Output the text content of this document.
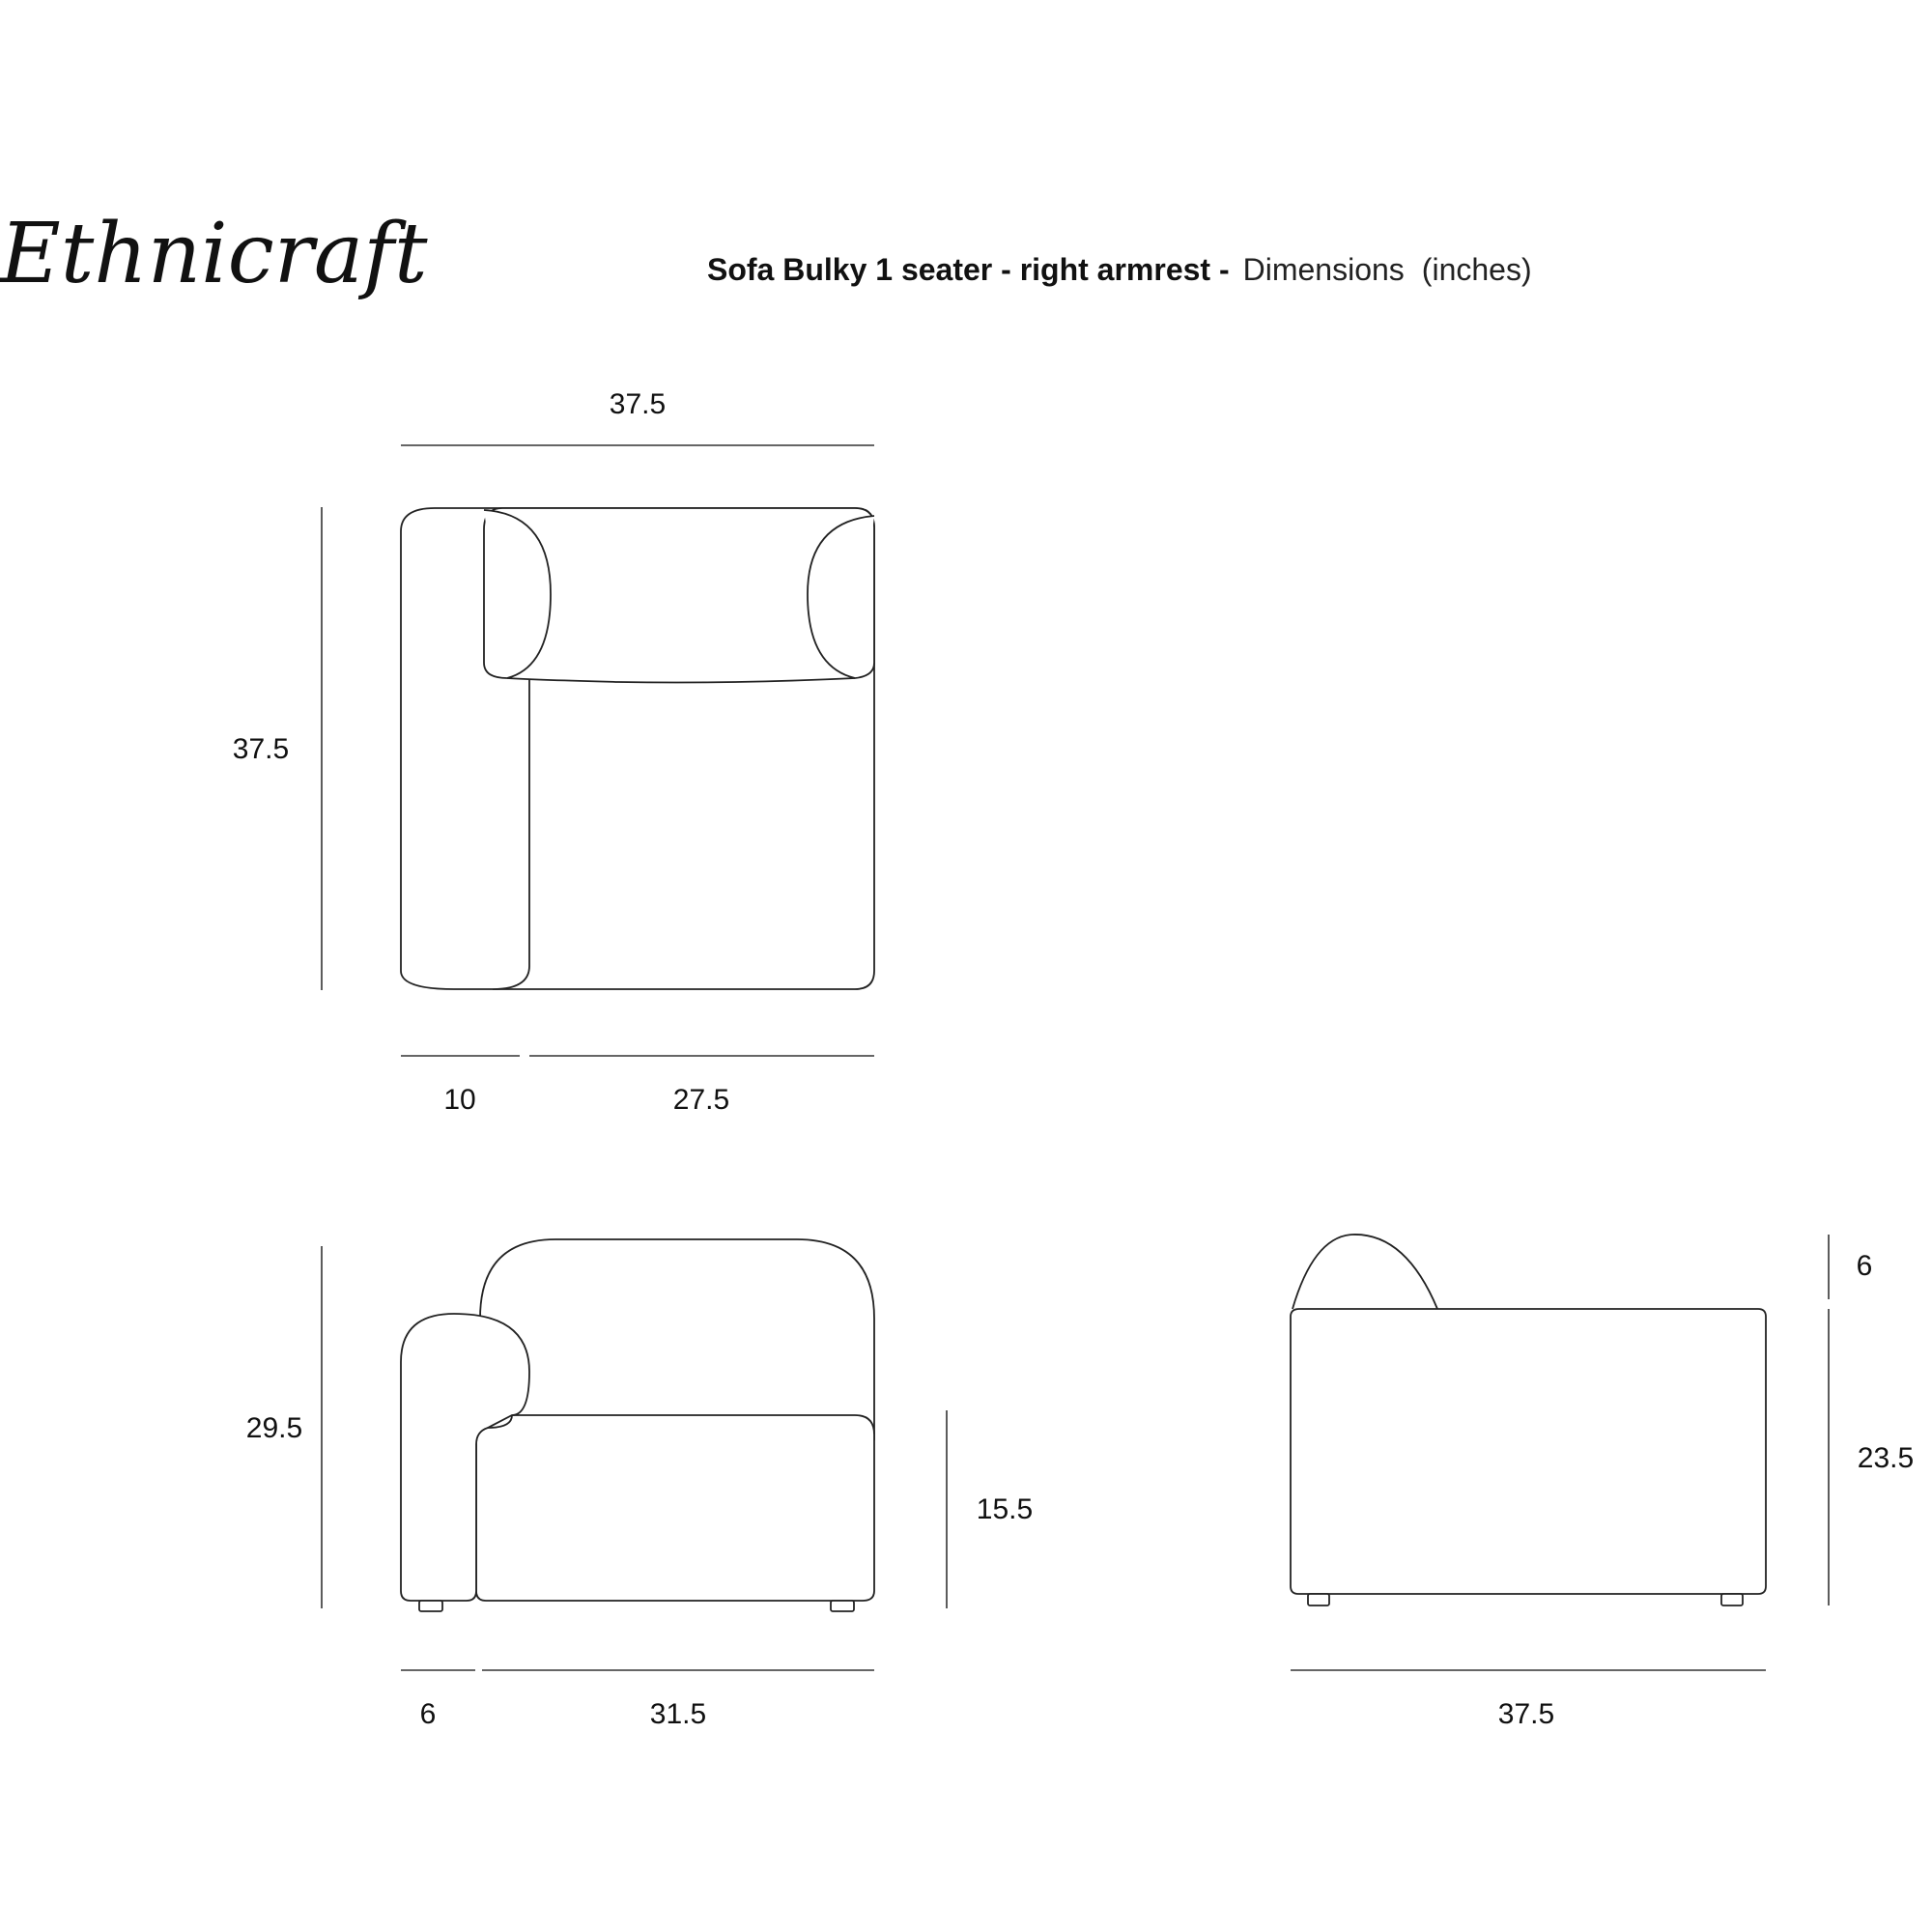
Ethnicraft	Sofa Bulky 1 seater - right armrest - Dimensions (inches)
37.5
37.5
10	27.5
29.5
15.5
6	31.5
6
23.5
37.5
